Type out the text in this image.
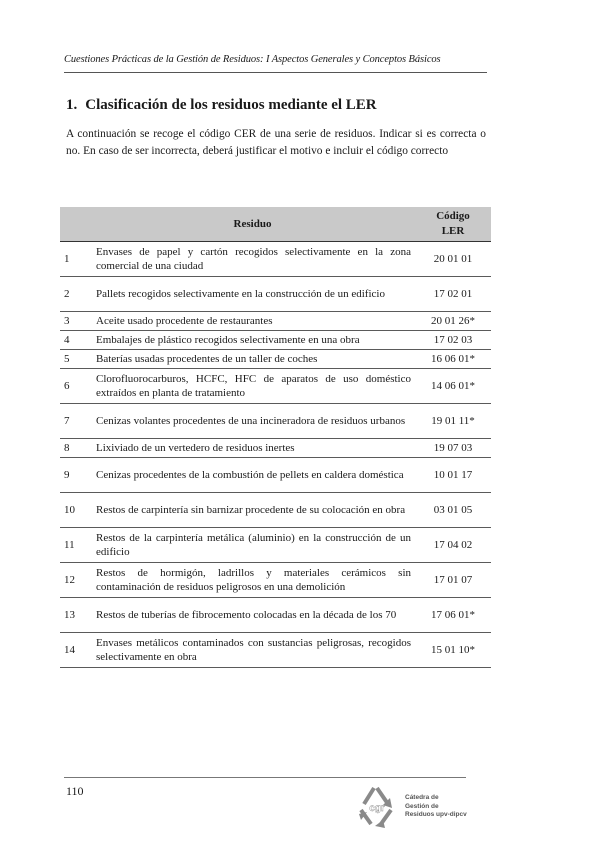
Cuestiones Prácticas de la Gestión de Residuos: I Aspectos Generales y Conceptos Básicos
1. Clasificación de los residuos mediante el LER
A continuación se recoge el código CER de una serie de residuos. Indicar si es correcta o no. En caso de ser incorrecta, deberá justificar el motivo e incluir el código correcto
	Residuo	Código
LER

1	Envases de papel y cartón recogidos selectivamente en la zona comercial de una ciudad	20 01 01
2	Pallets recogidos selectivamente en la construcción de un edificio	17 02 01
3	Aceite usado procedente de restaurantes	20 01 26*
4	Embalajes de plástico recogidos selectivamente en una obra	17 02 03
5	Baterías usadas procedentes de un taller de coches	16 06 01*
6	Clorofluorocarburos, HCFC, HFC de aparatos de uso doméstico extraídos en planta de tratamiento	14 06 01*
7	Cenizas volantes procedentes de una incineradora de residuos urbanos	19 01 11*
8	Lixiviado de un vertedero de residuos inertes	19 07 03
9	Cenizas procedentes de la combustión de pellets en caldera doméstica	10 01 17
10	Restos de carpintería sin barnizar procedente de su colocación en obra	03 01 05
11	Restos de la carpintería metálica (aluminio) en la construcción de un edificio	17 04 02
12	Restos de hormigón, ladrillos y materiales cerámicos sin contaminación de residuos peligrosos en una demolición	17 01 07
13	Restos de tuberías de fibrocemento colocadas en la década de los 70	17 06 01*
14	Envases metálicos contaminados con sustancias peligrosas, recogidos selectivamente en obra	15 01 10*
110
cgr
Cátedra de
Gestión de
Residuos upv-dipcv
